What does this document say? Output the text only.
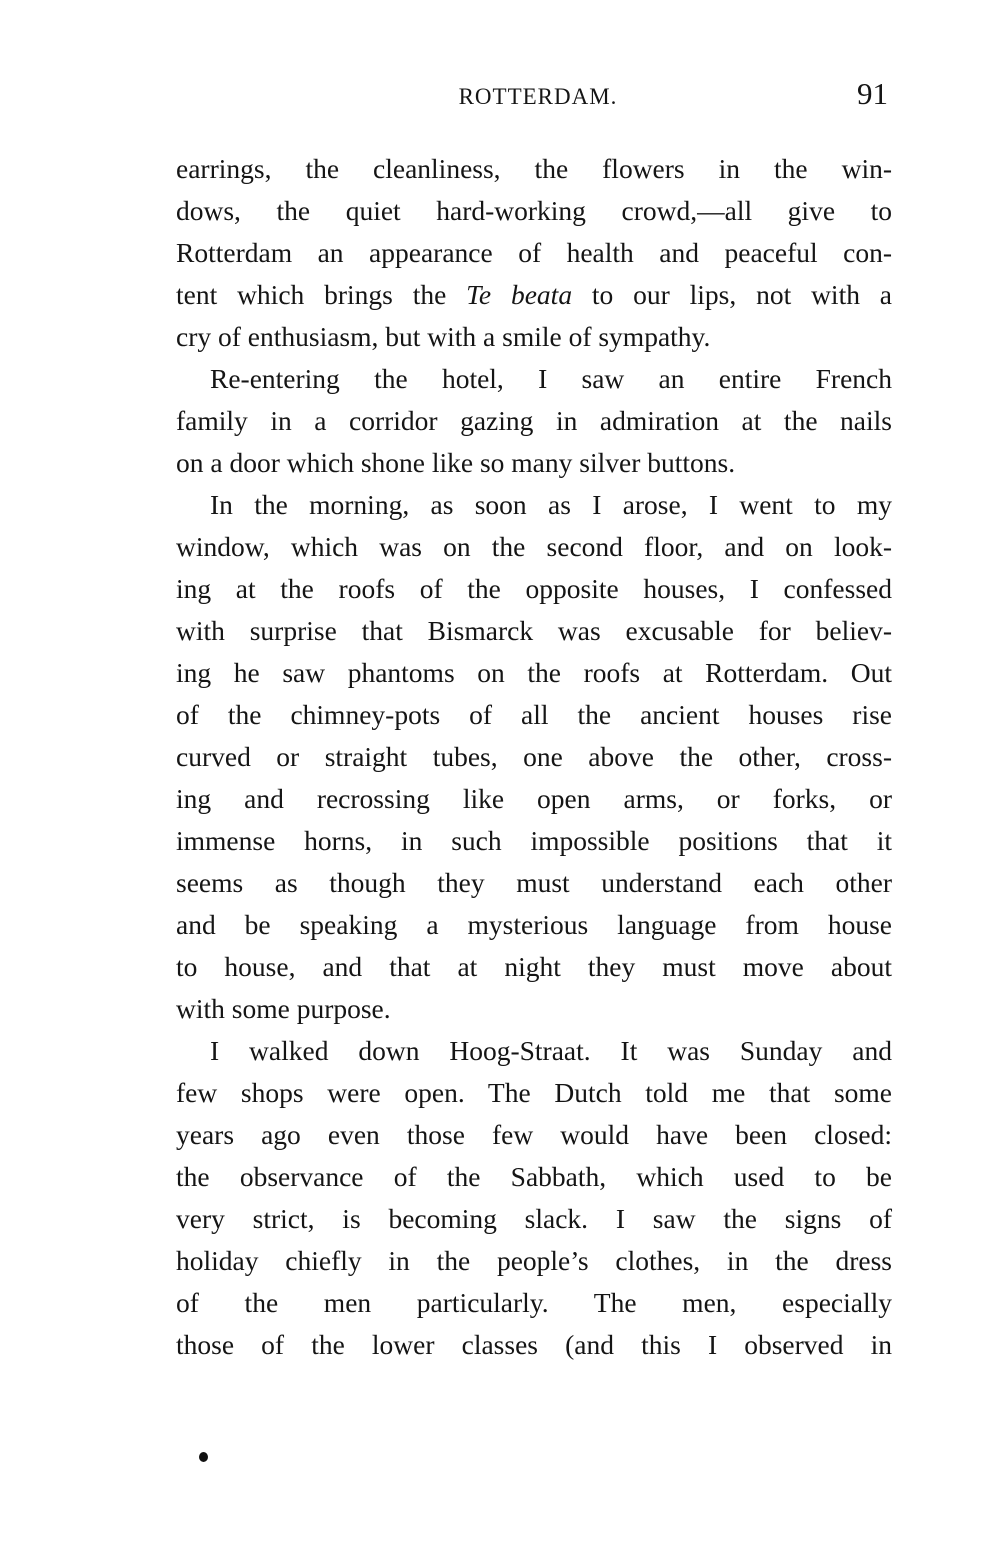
ROTTERDAM.	91
earrings, the cleanliness, the flowers in the win-
dows, the quiet hard-working crowd,—all give to
Rotterdam an appearance of health and peaceful con-
tent which brings the Te beata to our lips, not with a
cry of enthusiasm, but with a smile of sympathy.
Re-entering the hotel, I saw an entire French
family in a corridor gazing in admiration at the nails
on a door which shone like so many silver buttons.
In the morning, as soon as I arose, I went to my
window, which was on the second floor, and on look-
ing at the roofs of the opposite houses, I confessed
with surprise that Bismarck was excusable for believ-
ing he saw phantoms on the roofs at Rotterdam. Out
of the chimney-pots of all the ancient houses rise
curved or straight tubes, one above the other, cross-
ing and recrossing like open arms, or forks, or
immense horns, in such impossible positions that it
seems as though they must understand each other
and be speaking a mysterious language from house
to house, and that at night they must move about
with some purpose.
I walked down Hoog-Straat. It was Sunday and
few shops were open. The Dutch told me that some
years ago even those few would have been closed:
the observance of the Sabbath, which used to be
very strict, is becoming slack. I saw the signs of
holiday chiefly in the people’s clothes, in the dress
of the men particularly. The men, especially
those of the lower classes (and this I observed in
